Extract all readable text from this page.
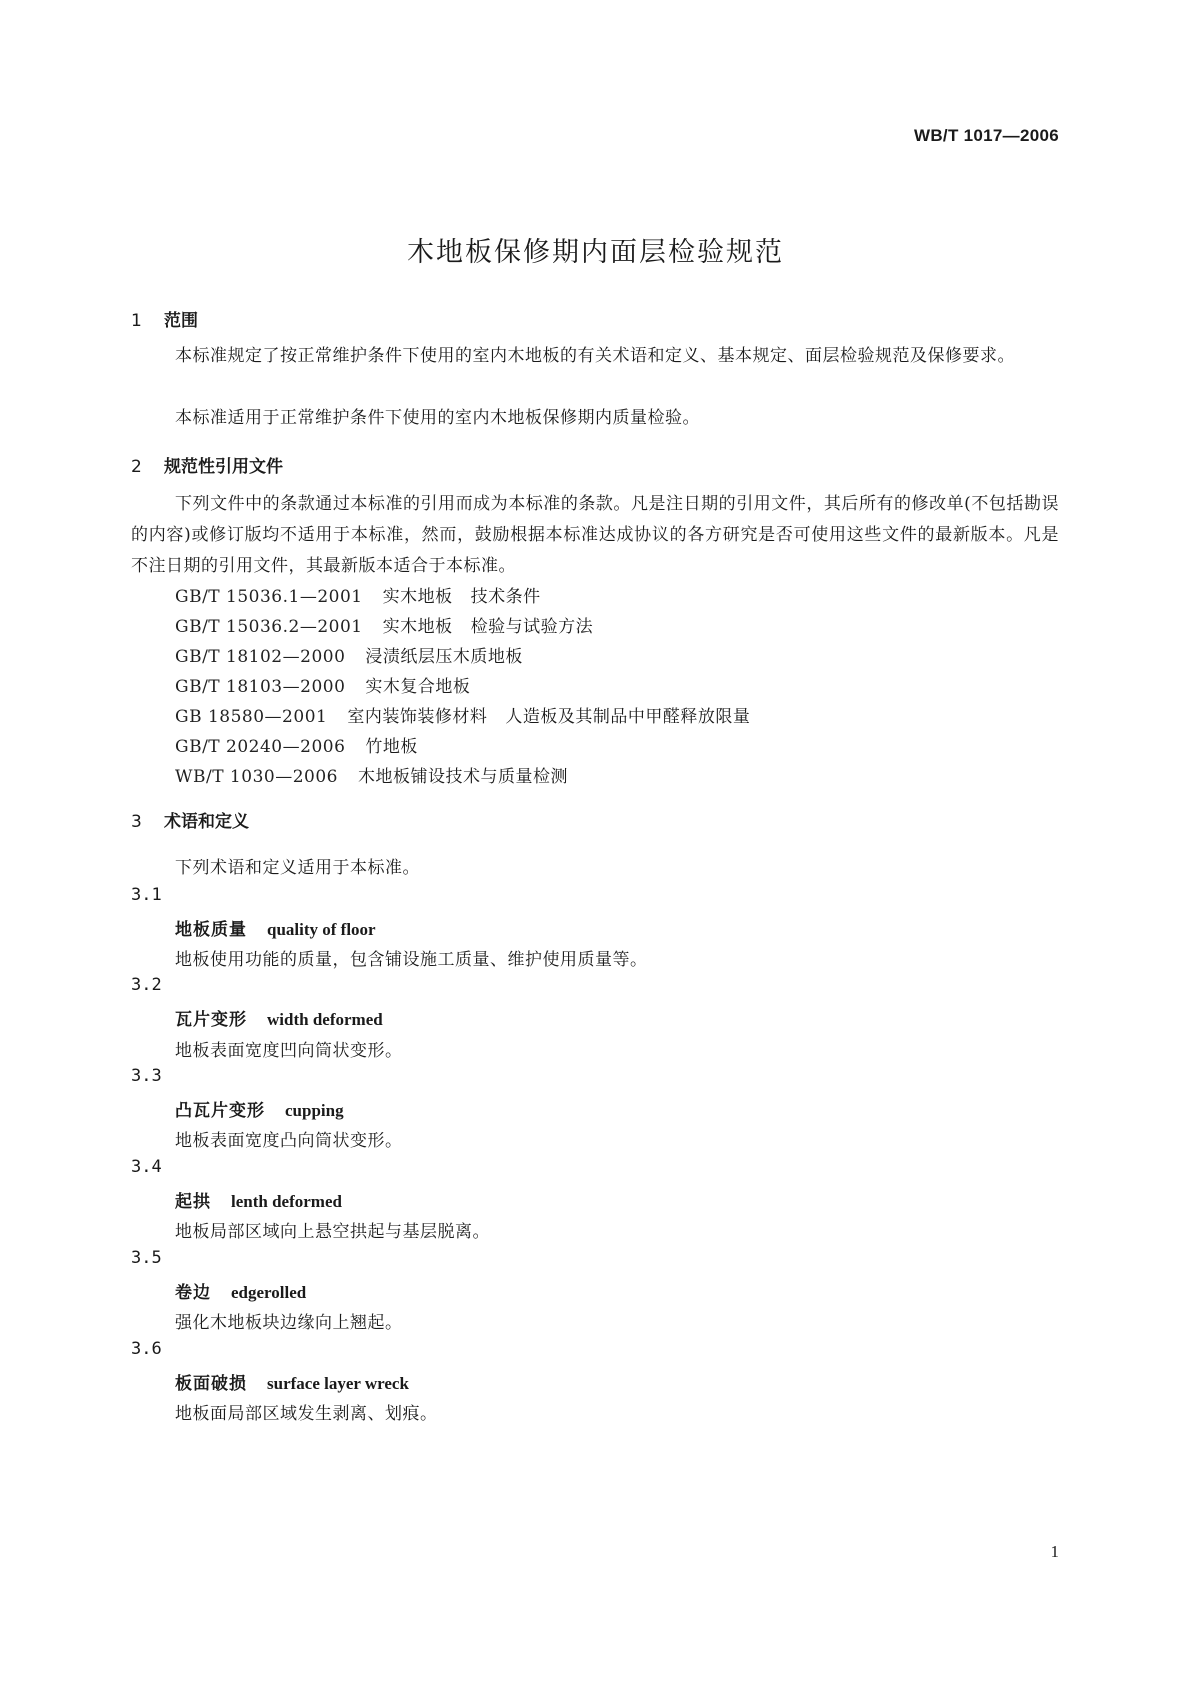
WB/T 1017—2006
木地板保修期内面层检验规范
1 范围
本标准规定了按正常维护条件下使用的室内木地板的有关术语和定义、基本规定、面层检验规范及保修要求。
本标准适用于正常维护条件下使用的室内木地板保修期内质量检验。
2 规范性引用文件
下列文件中的条款通过本标准的引用而成为本标准的条款。凡是注日期的引用文件，其后所有的修改单(不包括勘误的内容)或修订版均不适用于本标准，然而，鼓励根据本标准达成协议的各方研究是否可使用这些文件的最新版本。凡是不注日期的引用文件，其最新版本适合于本标准。
GB/T 15036.1—2001 实木地板 技术条件
GB/T 15036.2—2001 实木地板 检验与试验方法
GB/T 18102—2000 浸渍纸层压木质地板
GB/T 18103—2000 实木复合地板
GB 18580—2001 室内装饰装修材料 人造板及其制品中甲醛释放限量
GB/T 20240—2006 竹地板
WB/T 1030—2006 木地板铺设技术与质量检测
3 术语和定义
下列术语和定义适用于本标准。
3.1
地板质量 quality of floor
地板使用功能的质量，包含铺设施工质量、维护使用质量等。
3.2
瓦片变形 width deformed
地板表面宽度凹向筒状变形。
3.3
凸瓦片变形 cupping
地板表面宽度凸向筒状变形。
3.4
起拱 lenth deformed
地板局部区域向上悬空拱起与基层脱离。
3.5
卷边 edgerolled
强化木地板块边缘向上翘起。
3.6
板面破损 surface layer wreck
地板面局部区域发生剥离、划痕。
1
